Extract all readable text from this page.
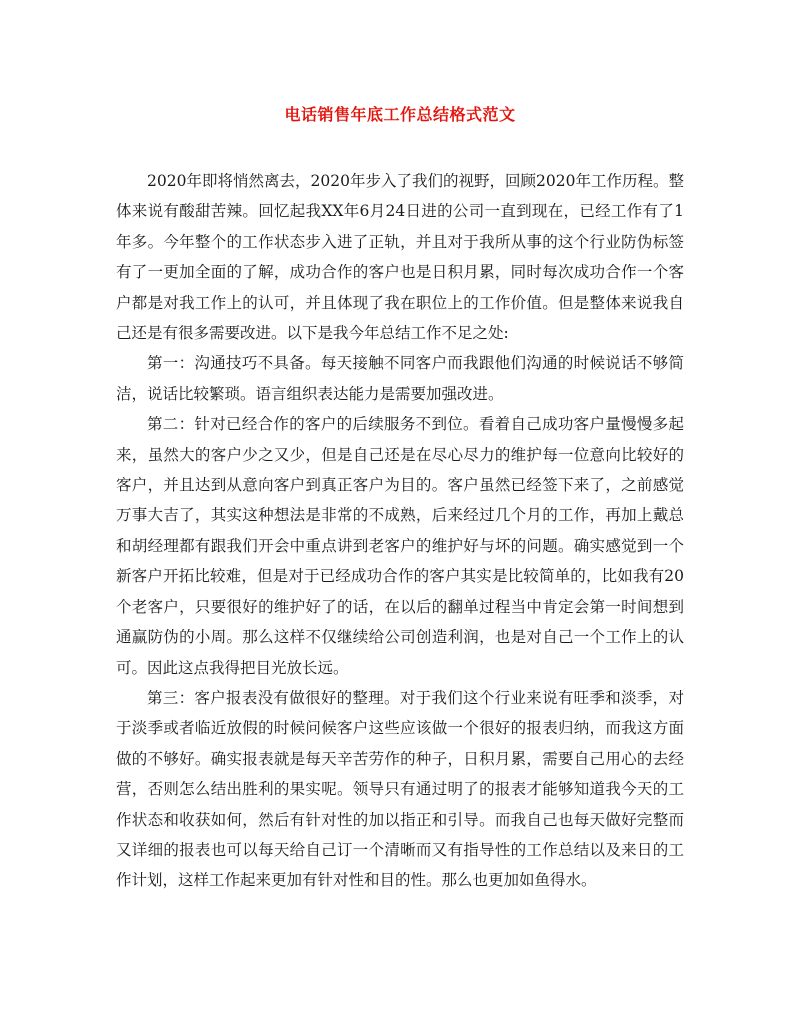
电话销售年底工作总结格式范文

2020年即将悄然离去，2020年步入了我们的视野，回顾2020年工作历程。整体来说有酸甜苦辣。回忆起我XX年6月24日进的公司一直到现在，已经工作有了1年多。今年整个的工作状态步入进了正轨，并且对于我所从事的这个行业防伪标签有了一更加全面的了解，成功合作的客户也是日积月累，同时每次成功合作一个客户都是对我工作上的认可，并且体现了我在职位上的工作价值。但是整体来说我自己还是有很多需要改进。以下是我今年总结工作不足之处:

第一：沟通技巧不具备。每天接触不同客户而我跟他们沟通的时候说话不够简洁，说话比较繁琐。语言组织表达能力是需要加强改进。

第二：针对已经合作的客户的后续服务不到位。看着自己成功客户量慢慢多起来，虽然大的客户少之又少，但是自己还是在尽心尽力的维护每一位意向比较好的客户，并且达到从意向客户到真正客户为目的。客户虽然已经签下来了，之前感觉万事大吉了，其实这种想法是非常的不成熟，后来经过几个月的工作，再加上戴总和胡经理都有跟我们开会中重点讲到老客户的维护好与坏的问题。确实感觉到一个新客户开拓比较难，但是对于已经成功合作的客户其实是比较简单的，比如我有20个老客户，只要很好的维护好了的话，在以后的翻单过程当中肯定会第一时间想到通赢防伪的小周。那么这样不仅继续给公司创造利润，也是对自己一个工作上的认可。因此这点我得把目光放长远。

第三：客户报表没有做很好的整理。对于我们这个行业来说有旺季和淡季，对于淡季或者临近放假的时候问候客户这些应该做一个很好的报表归纳，而我这方面做的不够好。确实报表就是每天辛苦劳作的种子，日积月累，需要自己用心的去经营，否则怎么结出胜利的果实呢。领导只有通过明了的报表才能够知道我今天的工作状态和收获如何，然后有针对性的加以指正和引导。而我自己也每天做好完整而又详细的报表也可以每天给自己订一个清晰而又有指导性的工作总结以及来日的工作计划，这样工作起来更加有针对性和目的性。那么也更加如鱼得水。
